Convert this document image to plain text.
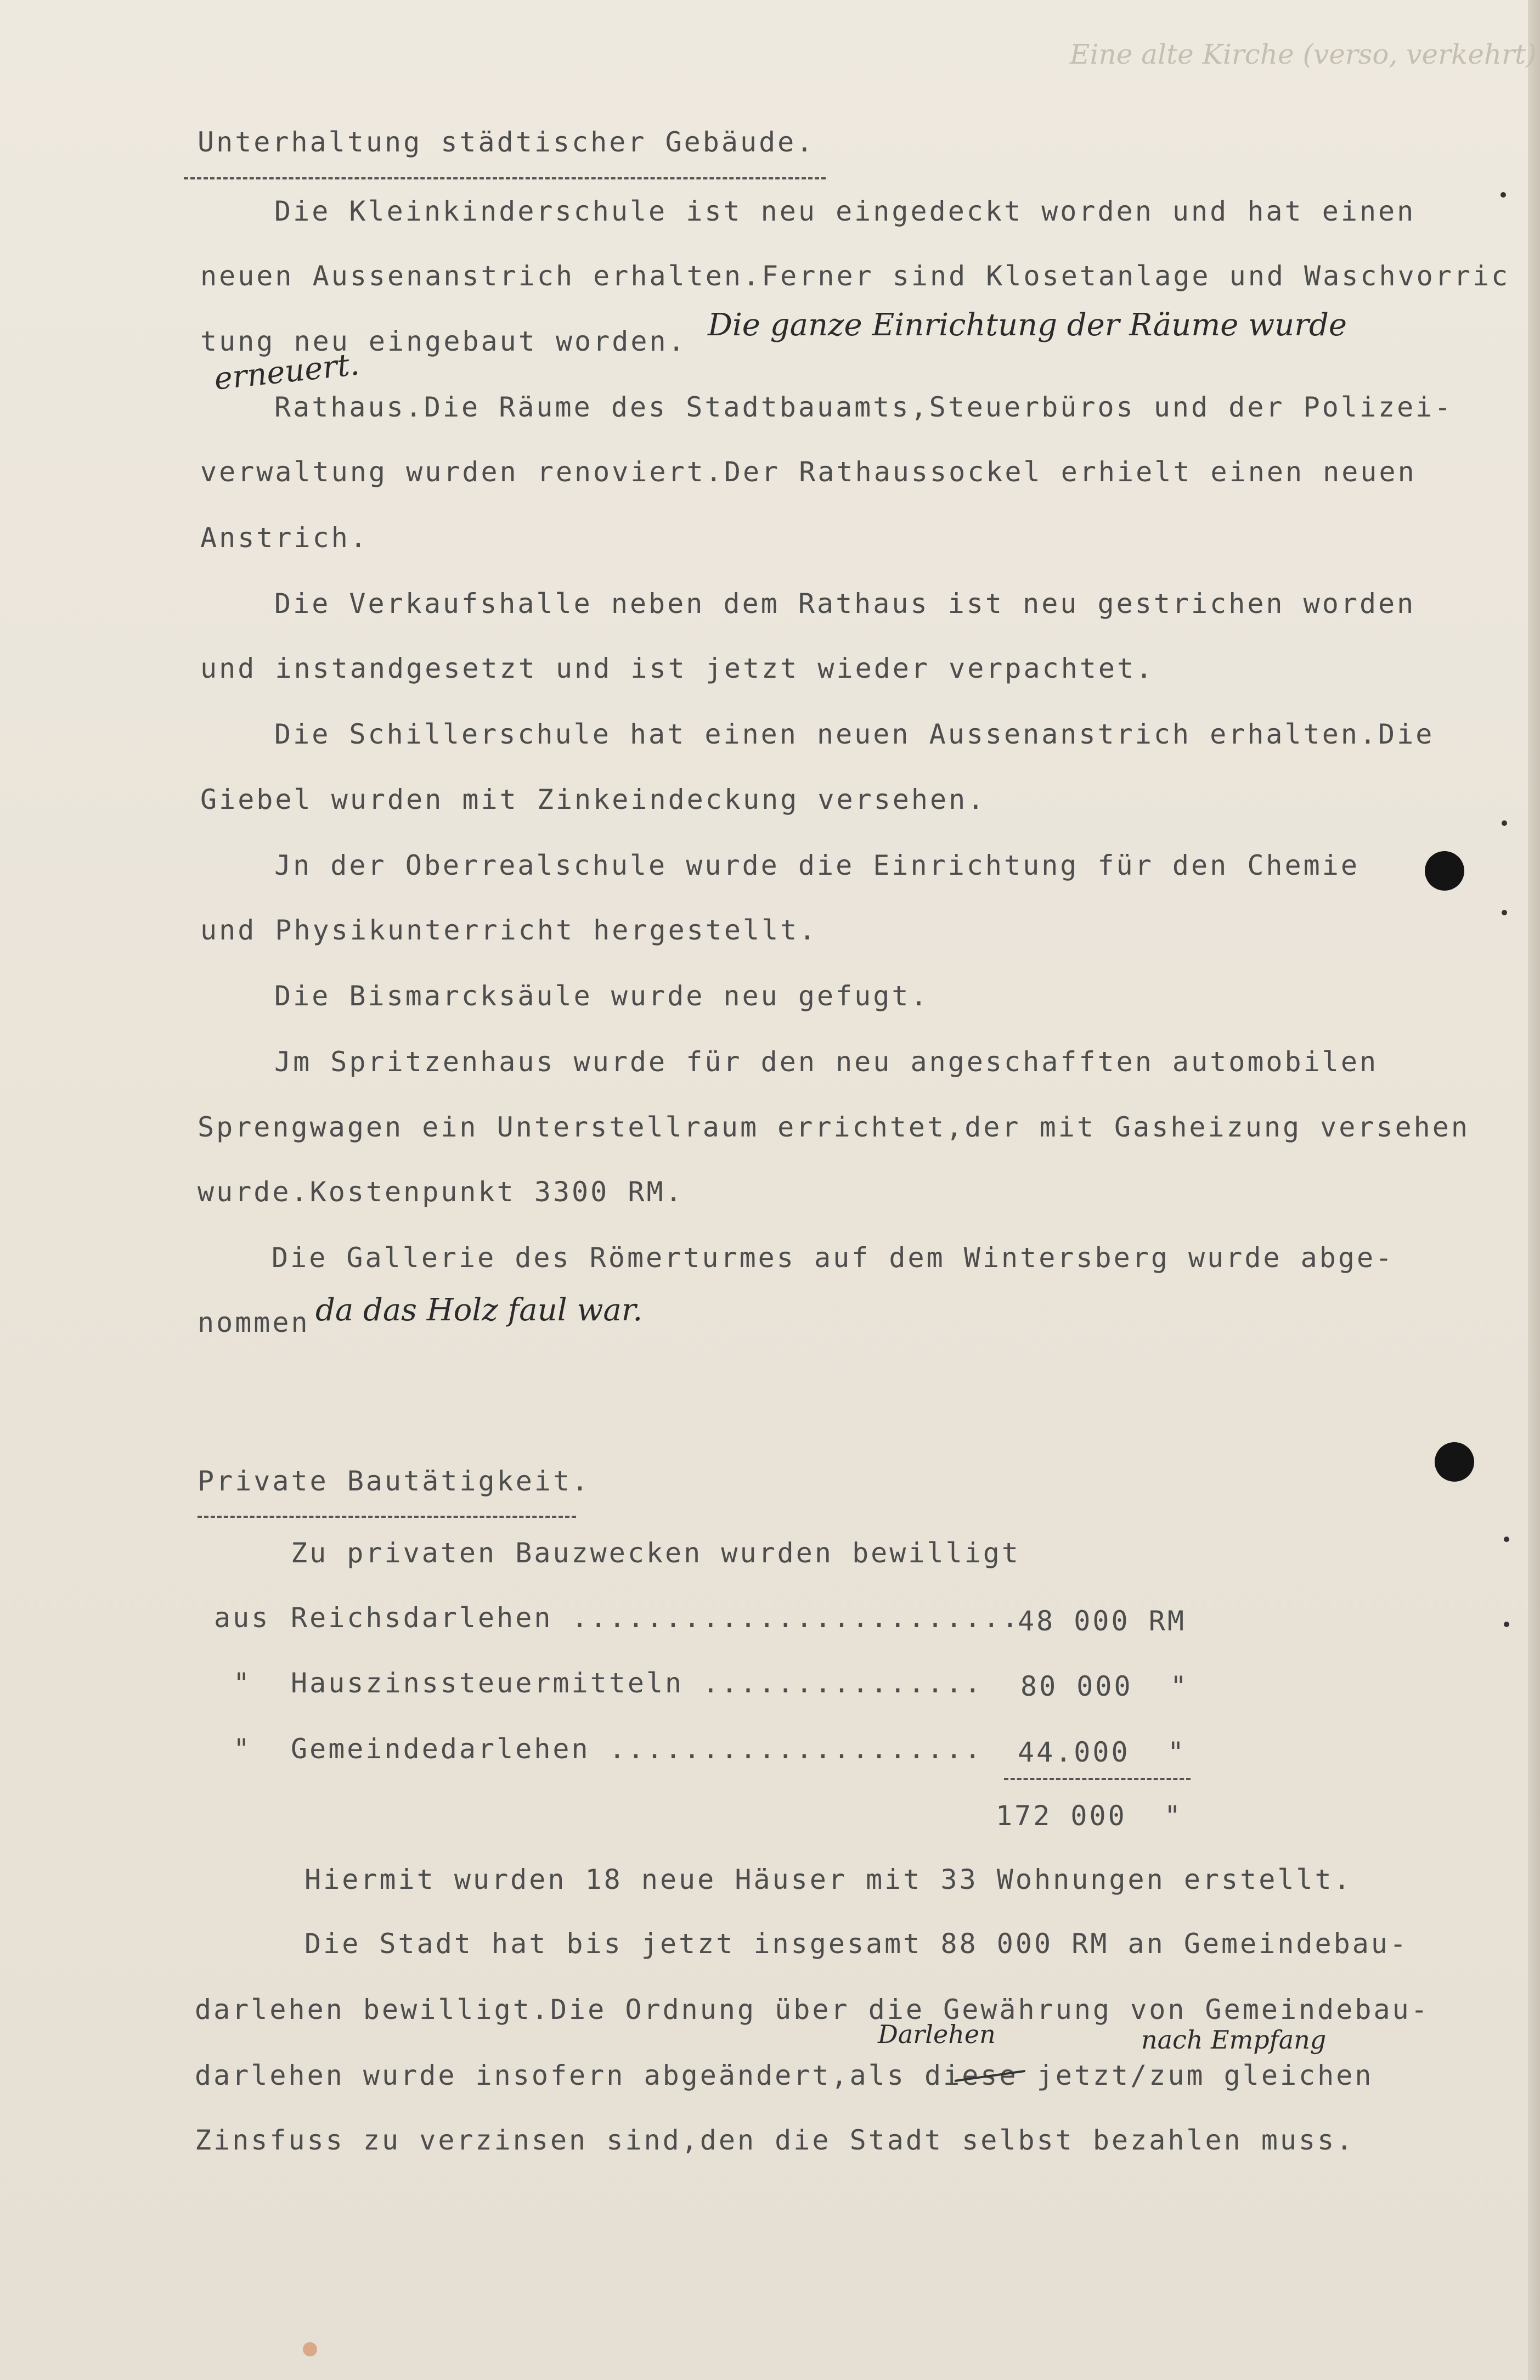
Eine alte Kirche (verso, verkehrt)
Unterhaltung städtischer Gebäude.
Die Kleinkinderschule ist neu eingedeckt worden und hat einen
neuen Aussenanstrich erhalten.Ferner sind Klosetanlage und Waschvorric
tung neu eingebaut worden. Die ganze Einrichtung der Räume wurde
erneuert.
Rathaus.Die Räume des Stadtbauamts,Steuerbüros und der Polizei-
verwaltung wurden renoviert.Der Rathaussockel erhielt einen neuen
Anstrich.
Die Verkaufshalle neben dem Rathaus ist neu gestrichen worden
und instandgesetzt und ist jetzt wieder verpachtet.
Die Schillerschule hat einen neuen Aussenanstrich erhalten.Die
Giebel wurden mit Zinkeindeckung versehen.
Jn der Oberrealschule wurde die Einrichtung für den Chemie
und Physikunterricht hergestellt.
Die Bismarcksäule wurde neu gefugt.
Jm Spritzenhaus wurde für den neu angeschafften automobilen
Sprengwagen ein Unterstellraum errichtet,der mit Gasheizung versehen
wurde.Kostenpunkt 3300 RM.
Die Gallerie des Römerturmes auf dem Wintersberg wurde abge-
nommen da das Holz faul war.
Private Bautätigkeit.
Zu privaten Bauzwecken wurden bewilligt
aus Reichsdarlehen ........................
48 000 RM
" Hauszinssteuermitteln ............... 80 000  "
" Gemeindedarlehen .................... 44.000  "
172 000  "
Hiermit wurden 18 neue Häuser mit 33 Wohnungen erstellt.
Die Stadt hat bis jetzt insgesamt 88 000 RM an Gemeindebau-
darlehen bewilligt.Die Ordnung über die Gewährung von Gemeindebau-
darlehen wurde insofern abgeändert,als diese jetzt/zum gleichen
Darlehen	nach Empfang
Zinsfuss zu verzinsen sind,den die Stadt selbst bezahlen muss.
